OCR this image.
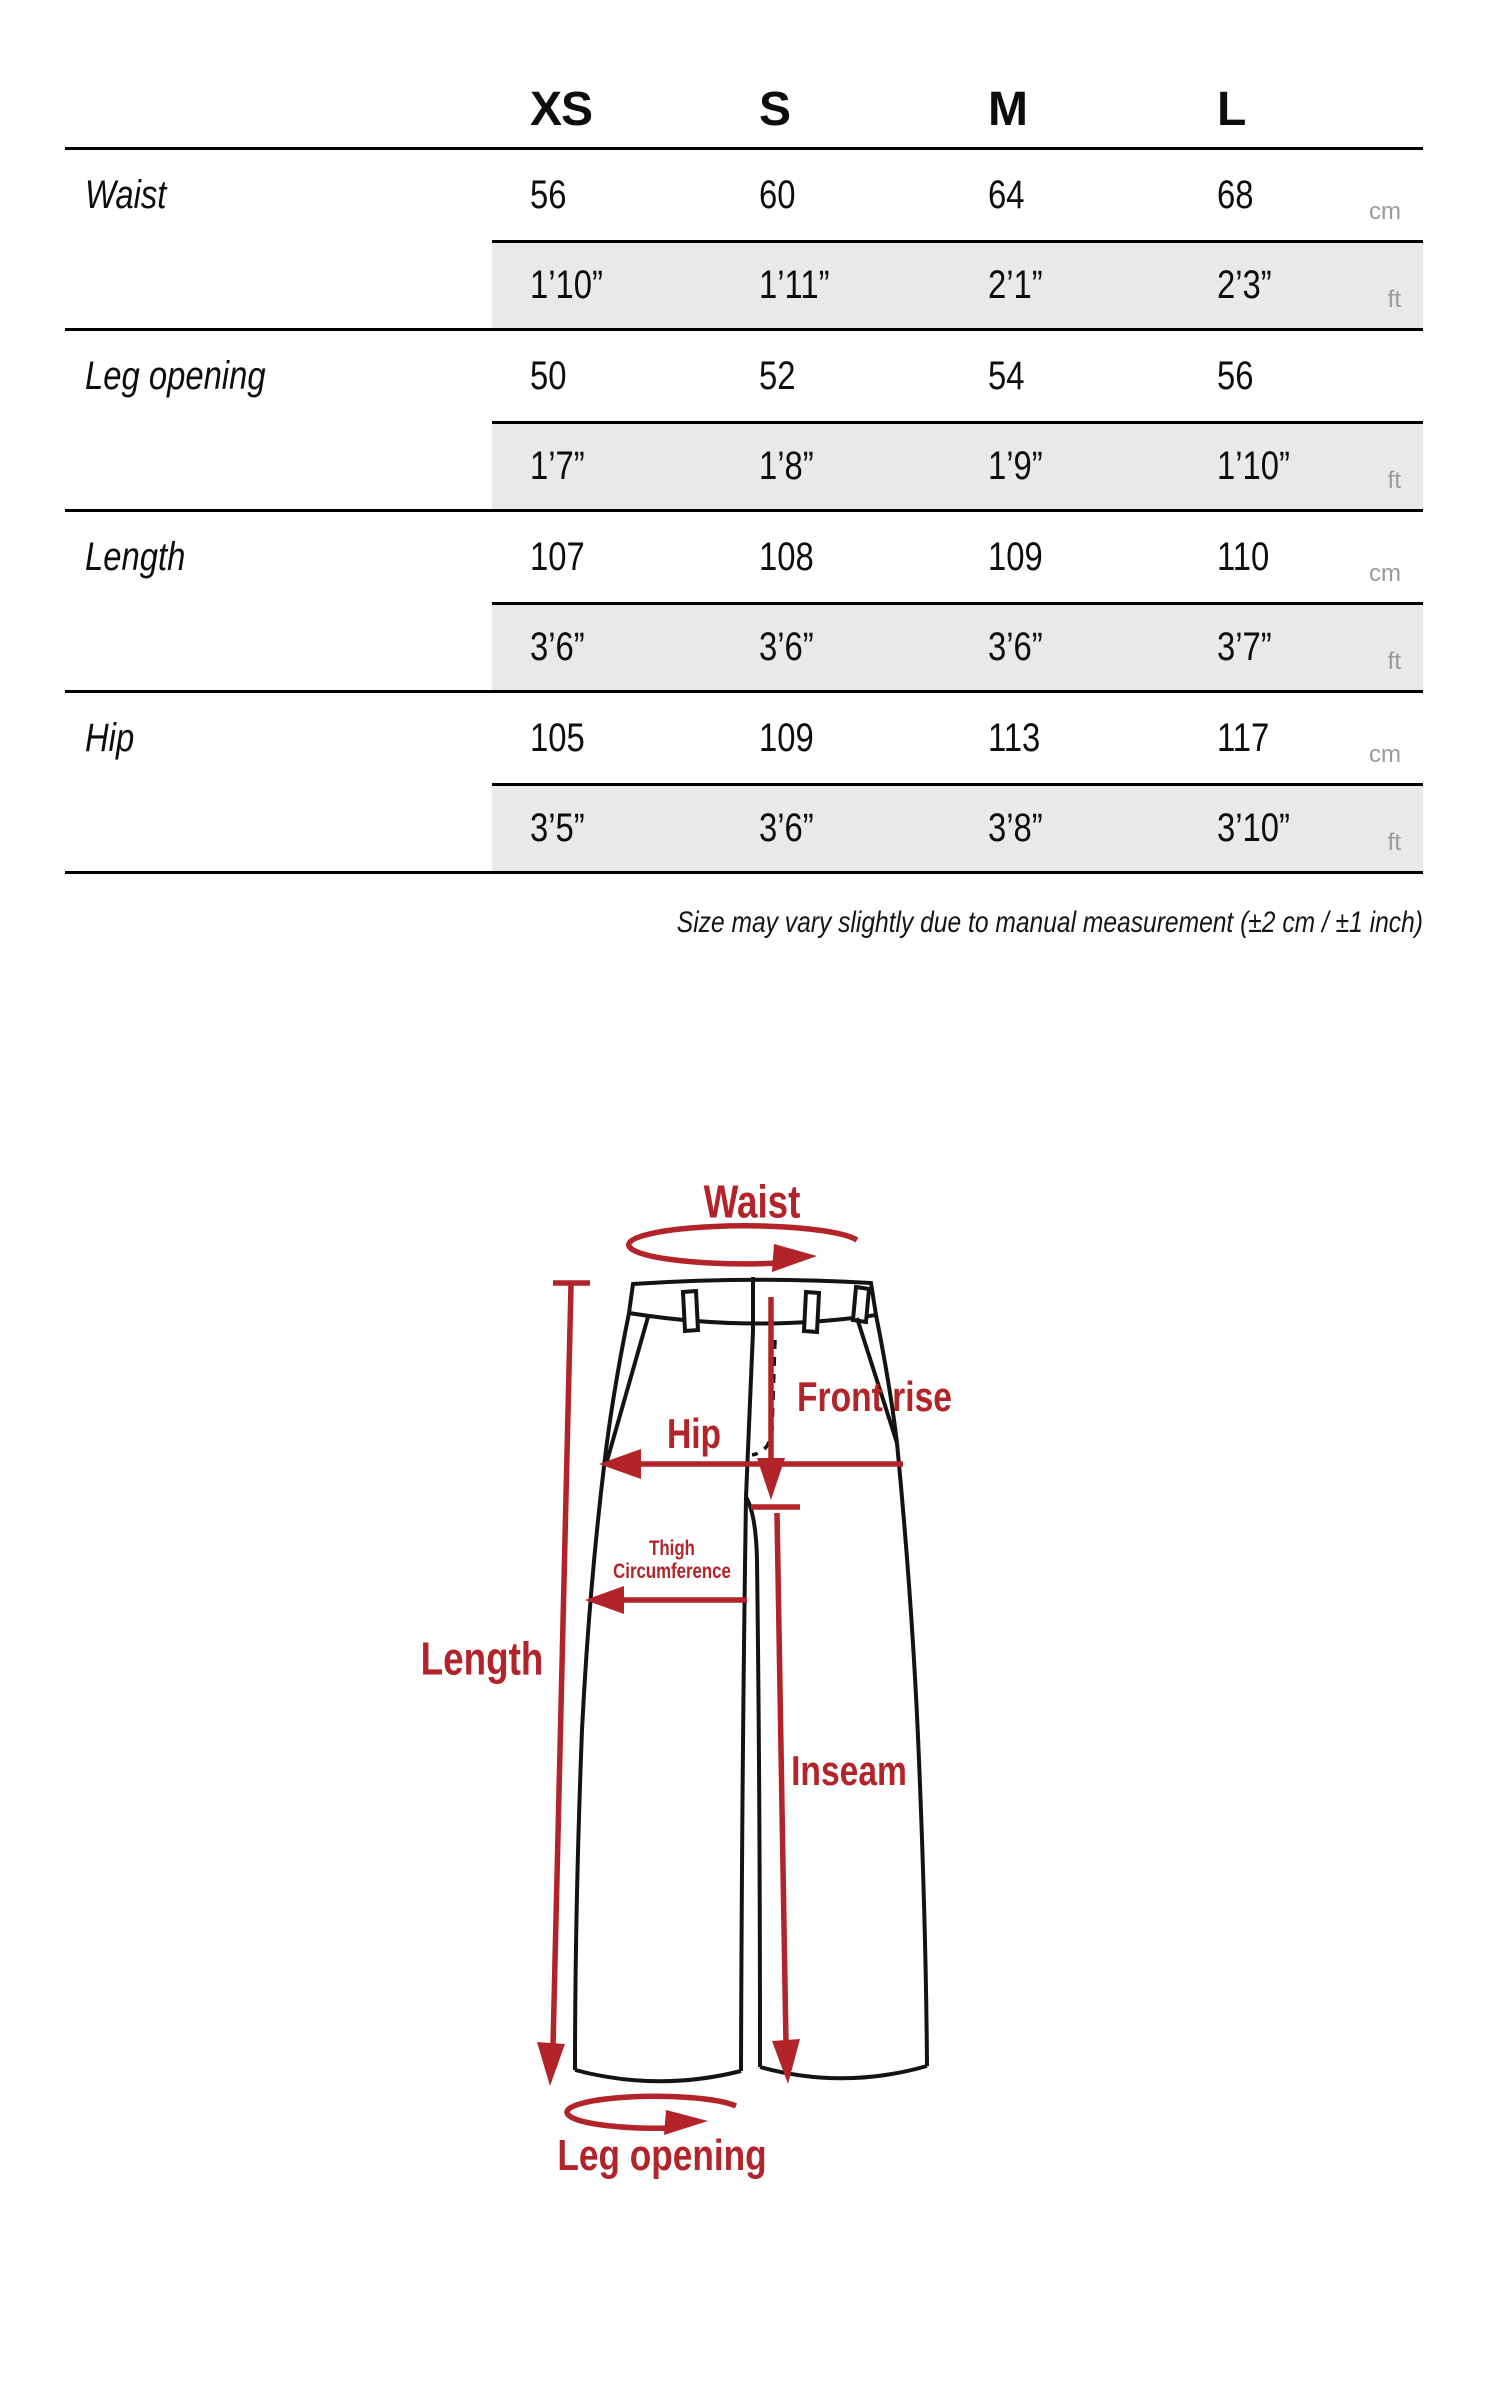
XS	S	M	L
Waist	56	60	64	68	cm
1’10”	1’11”	2’1”	2’3”	ft
Leg opening	50	52	54	56
1’7”	1’8”	1’9”	1’10”	ft
Length	107	108	109	110	cm
3’6”	3’6”	3’6”	3’7”	ft
Hip	105	109	113	117	cm
3’5”	3’6”	3’8”	3’10”	ft
Size may vary slightly due to manual measurement (±2 cm / ±1 inch)
Waist
Front rise
Hip
Thigh
Circumference
Length
Inseam
Leg opening
